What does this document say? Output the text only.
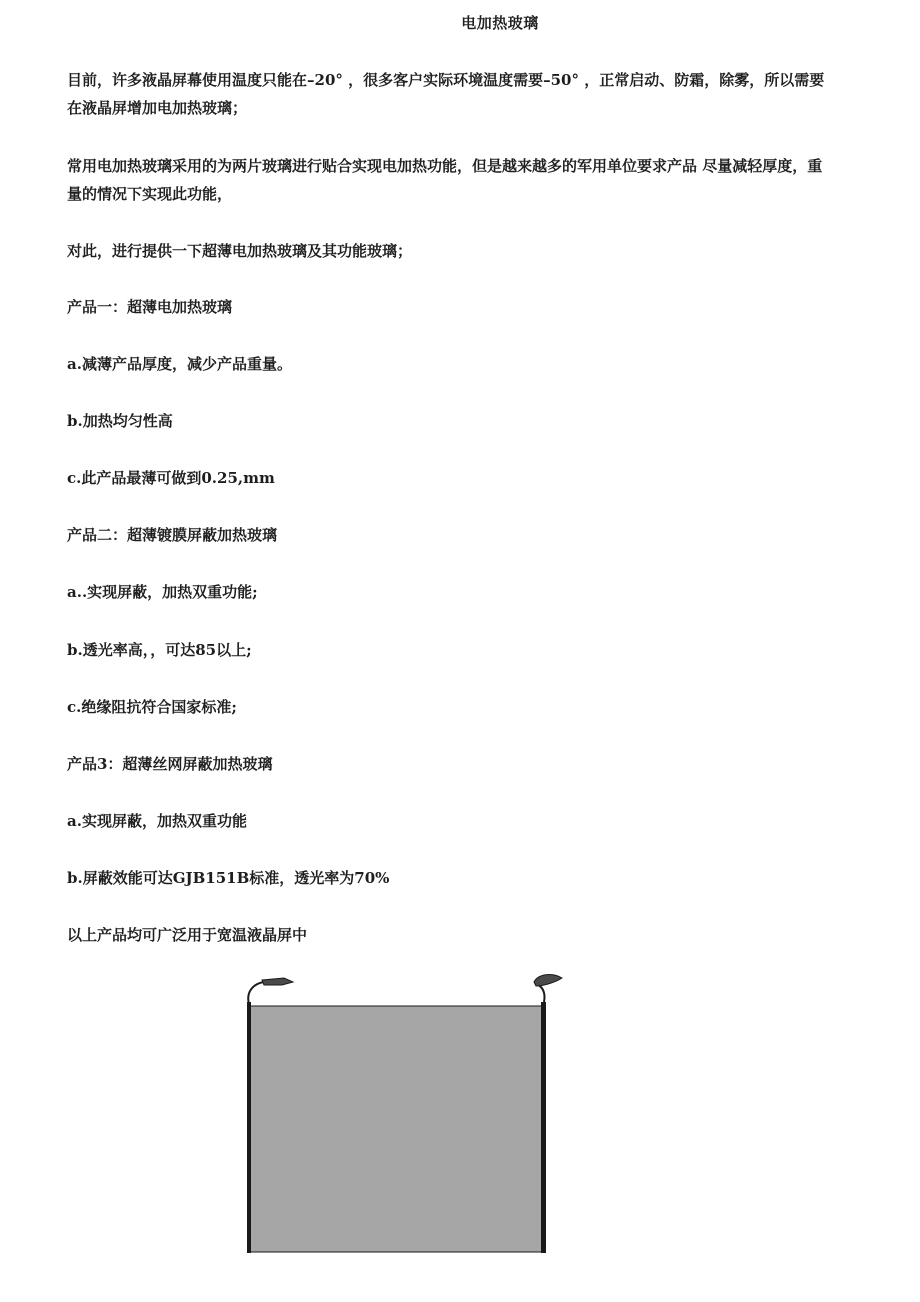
电加热玻璃
目前，许多液晶屏幕使用温度只能在–20° ，很多客户实际环境温度需要–50° ，正常启动、防霜，除雾，所以需要在液晶屏增加电加热玻璃；
常用电加热玻璃采用的为两片玻璃进行贴合实现电加热功能，但是越来越多的军用单位要求产品 尽量减轻厚度，重量的情况下实现此功能，
对此，进行提供一下超薄电加热玻璃及其功能玻璃；
产品一：超薄电加热玻璃
a.减薄产品厚度，减少产品重量。
b.加热均匀性高
c.此产品最薄可做到0.25,mm
产品二：超薄镀膜屏蔽加热玻璃
a..实现屏蔽，加热双重功能;
b.透光率高，，可达85以上;
c.绝缘阻抗符合国家标准;
产品3：超薄丝网屏蔽加热玻璃
a.实现屏蔽，加热双重功能
b.屏蔽效能可达GJB151B标准，透光率为70%
以上产品均可广泛用于宽温液晶屏中
